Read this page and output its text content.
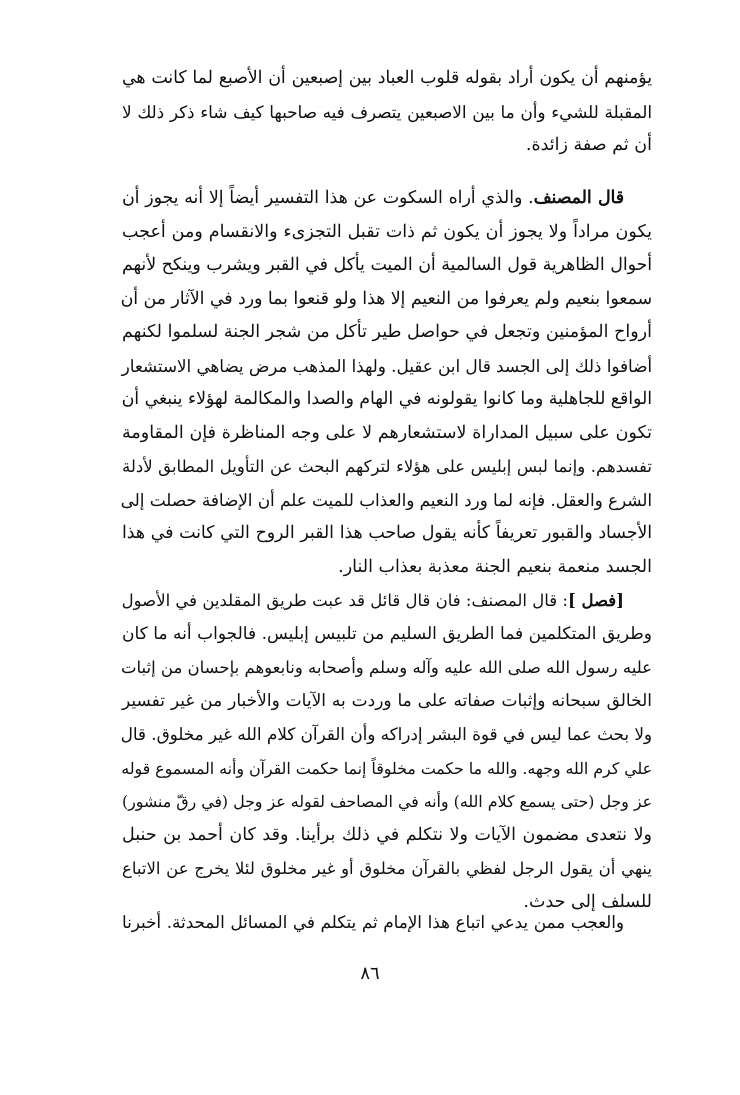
يؤمنهم أن يكون أراد بقوله قلوب العباد بين إصبعين أن الأصبع لما كانت هي
المقبلة للشيء وأن ما بين الاصبعين يتصرف فيه صاحبها كيف شاء ذكر ذلك لا
أن ثم صفة زائدة.
قال المصنف. والذي أراه السكوت عن هذا التفسير أيضاً إلا أنه يجوز أن
يكون مراداً ولا يجوز أن يكون ثم ذات تقبل التجزىء والانقسام ومن أعجب
أحوال الظاهرية قول السالمية أن الميت يأكل في القبر ويشرب وينكح لأنهم
سمعوا بنعيم ولم يعرفوا من النعيم إلا هذا ولو قنعوا بما ورد في الآثار من أن
أرواح المؤمنين وتجعل في حواصل طير تأكل من شجر الجنة لسلموا لكنهم
أضافوا ذلك إلى الجسد قال ابن عقيل. ولهذا المذهب مرض يضاهي الاستشعار
الواقع للجاهلية وما كانوا يقولونه في الهام والصدا والمكالمة لهؤلاء ينبغي أن
تكون على سبيل المداراة لاستشعارهم لا على وجه المناظرة فإن المقاومة
تفسدهم. وإنما لبس إبليس على هؤلاء لتركهم البحث عن التأويل المطابق لأدلة
الشرع والعقل. فإنه لما ورد النعيم والعذاب للميت علم أن الإضافة حصلت إلى
الأجساد والقبور تعريفاً كأنه يقول صاحب هذا القبر الروح التي كانت في هذا
الجسد منعمة بنعيم الجنة معذبة بعذاب النار.
[فصل ]: قال المصنف: فان قال قائل قد عبت طريق المقلدين في الأصول
وطريق المتكلمين فما الطريق السليم من تلبيس إبليس. فالجواب أنه ما كان
عليه رسول الله صلى الله عليه وآله وسلم وأصحابه ونابعوهم بإحسان من إثبات
الخالق سبحانه وإثبات صفاته على ما وردت به الآيات والأخبار من غير تفسير
ولا بحث عما ليس في قوة البشر إدراكه وأن القرآن كلام الله غير مخلوق. قال
علي كرم الله وجهه. والله ما حكمت مخلوقاً إنما حكمت القرآن وأنه المسموع قوله
عز وجل (حتى يسمع كلام الله) وأنه في المصاحف لقوله عز وجل (في رقّ منشور)
ولا نتعدى مضمون الآيات ولا نتكلم في ذلك برأينا. وقد كان أحمد بن حنبل
ينهي أن يقول الرجل لفظي بالقرآن مخلوق أو غير مخلوق لئلا يخرج عن الاتباع
للسلف إلى حدث.
والعجب ممن يدعي اتباع هذا الإمام ثم يتكلم في المسائل المحدثة. أخبرنا
٨٦
